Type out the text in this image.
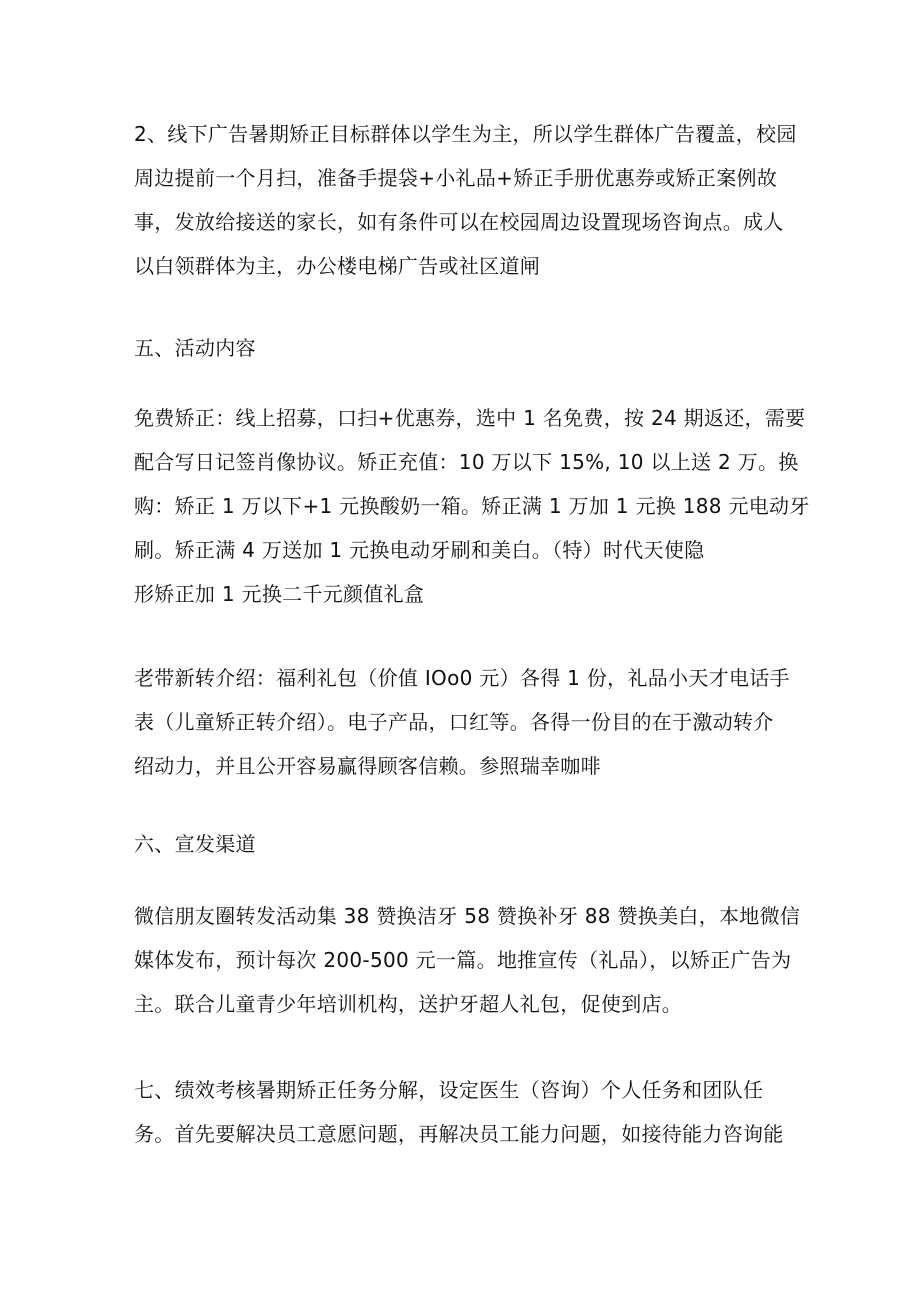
2、线下广告暑期矫正目标群体以学生为主，所以学生群体广告覆盖，校园
周边提前一个月扫，准备手提袋+小礼品+矫正手册优惠券或矫正案例故
事，发放给接送的家长，如有条件可以在校园周边设置现场咨询点。成人
以白领群体为主，办公楼电梯广告或社区道闸
五、活动内容
免费矫正：线上招募，口扫+优惠券，选中 1 名免费，按 24 期返还，需要
配合写日记签肖像协议。矫正充值：10 万以下 15%, 10 以上送 2 万。换
购：矫正 1 万以下+1 元换酸奶一箱。矫正满 1 万加 1 元换 188 元电动牙
刷。矫正满 4 万送加 1 元换电动牙刷和美白。（特）时代天使隐
形矫正加 1 元换二千元颜值礼盒
老带新转介绍：福利礼包（价值 IOo0 元）各得 1 份，礼品小天才电话手
表（儿童矫正转介绍）。电子产品，口红等。各得一份目的在于激动转介
绍动力，并且公开容易赢得顾客信赖。参照瑞幸咖啡
六、宣发渠道
微信朋友圈转发活动集 38 赞换洁牙 58 赞换补牙 88 赞换美白，本地微信
媒体发布，预计每次 200-500 元一篇。地推宣传（礼品），以矫正广告为
主。联合儿童青少年培训机构，送护牙超人礼包，促使到店。
七、绩效考核暑期矫正任务分解，设定医生（咨询）个人任务和团队任
务。首先要解决员工意愿问题，再解决员工能力问题，如接待能力咨询能
